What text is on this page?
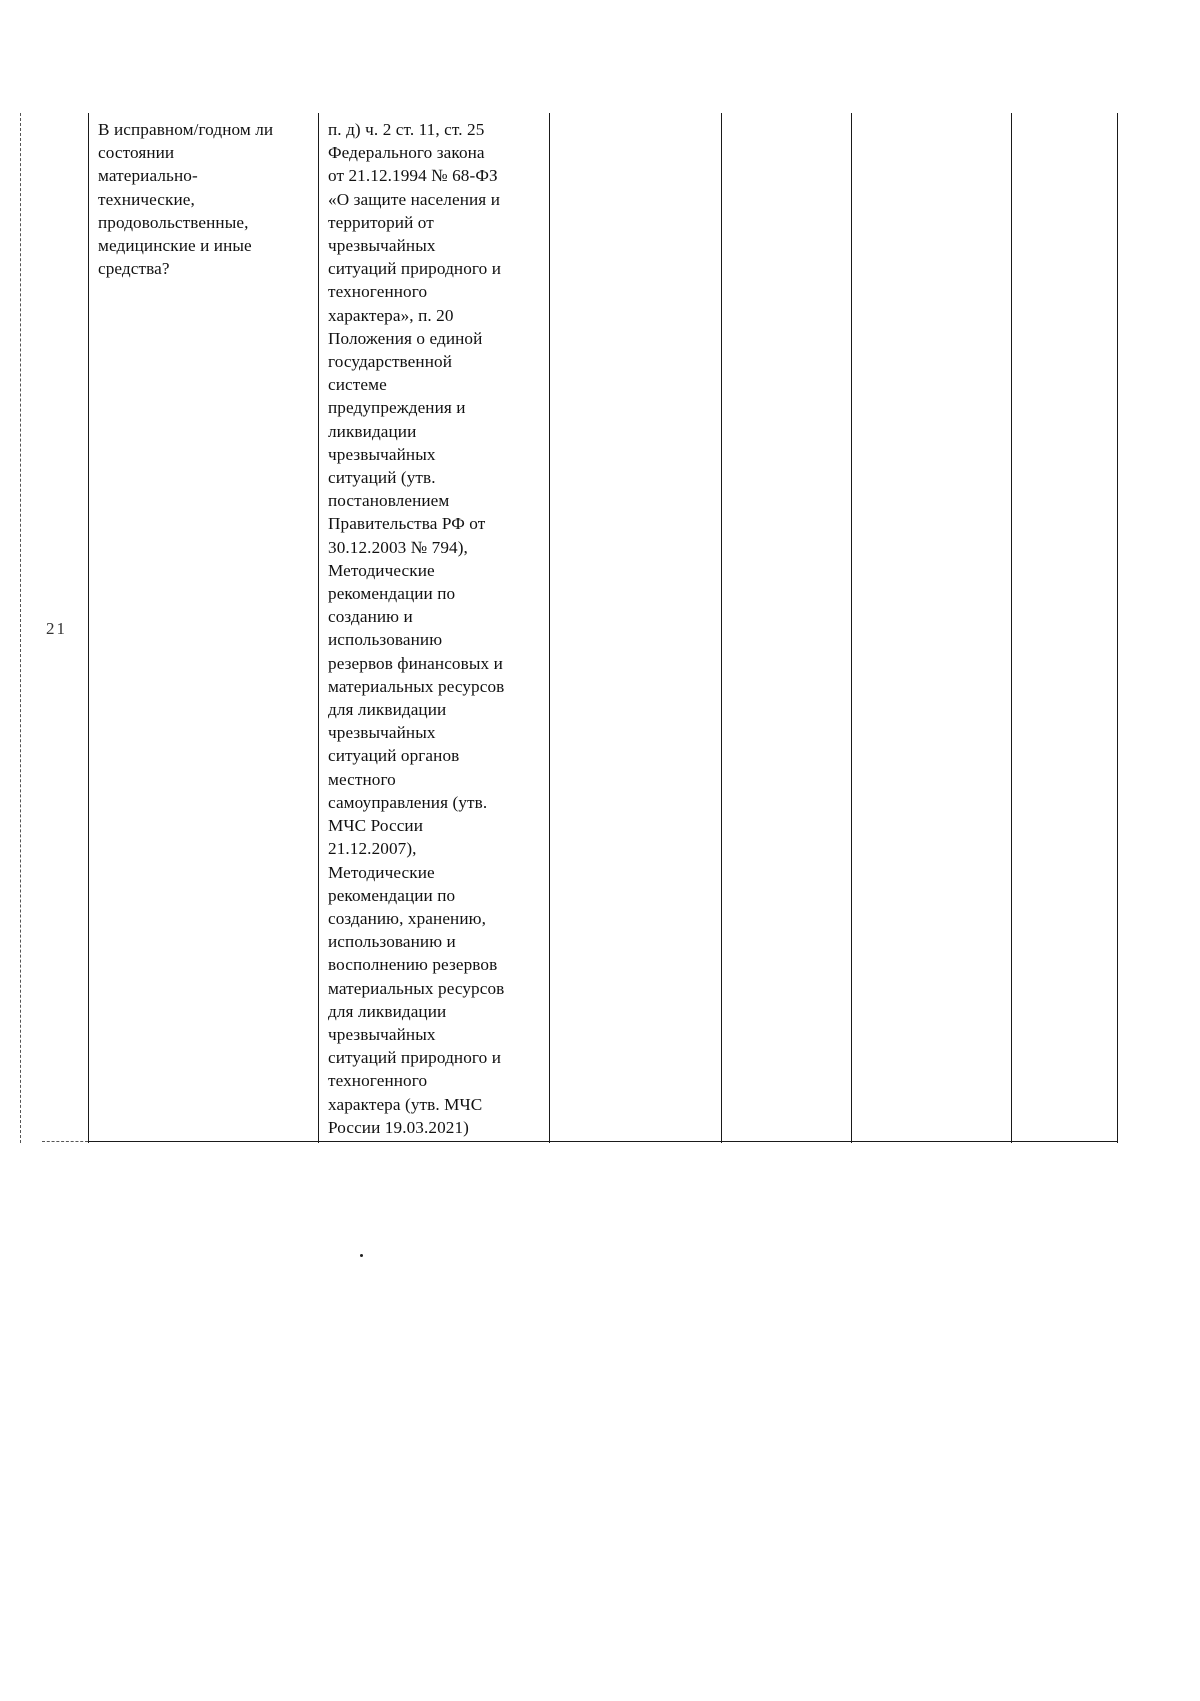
21
В исправном/годном ли
состоянии
материально-
технические,
продовольственные,
медицинские и иные
средства?
п. д) ч. 2 ст. 11, ст. 25
Федерального закона
от 21.12.1994 № 68-ФЗ
«О защите населения и
территорий от
чрезвычайных
ситуаций природного и
техногенного
характера», п. 20
Положения о единой
государственной
системе
предупреждения и
ликвидации
чрезвычайных
ситуаций (утв.
постановлением
Правительства РФ от
30.12.2003 № 794),
Методические
рекомендации по
созданию и
использованию
резервов финансовых и
материальных ресурсов
для ликвидации
чрезвычайных
ситуаций органов
местного
самоуправления (утв.
МЧС России
21.12.2007),
Методические
рекомендации по
созданию, хранению,
использованию и
восполнению резервов
материальных ресурсов
для ликвидации
чрезвычайных
ситуаций природного и
техногенного
характера (утв. МЧС
России 19.03.2021)
